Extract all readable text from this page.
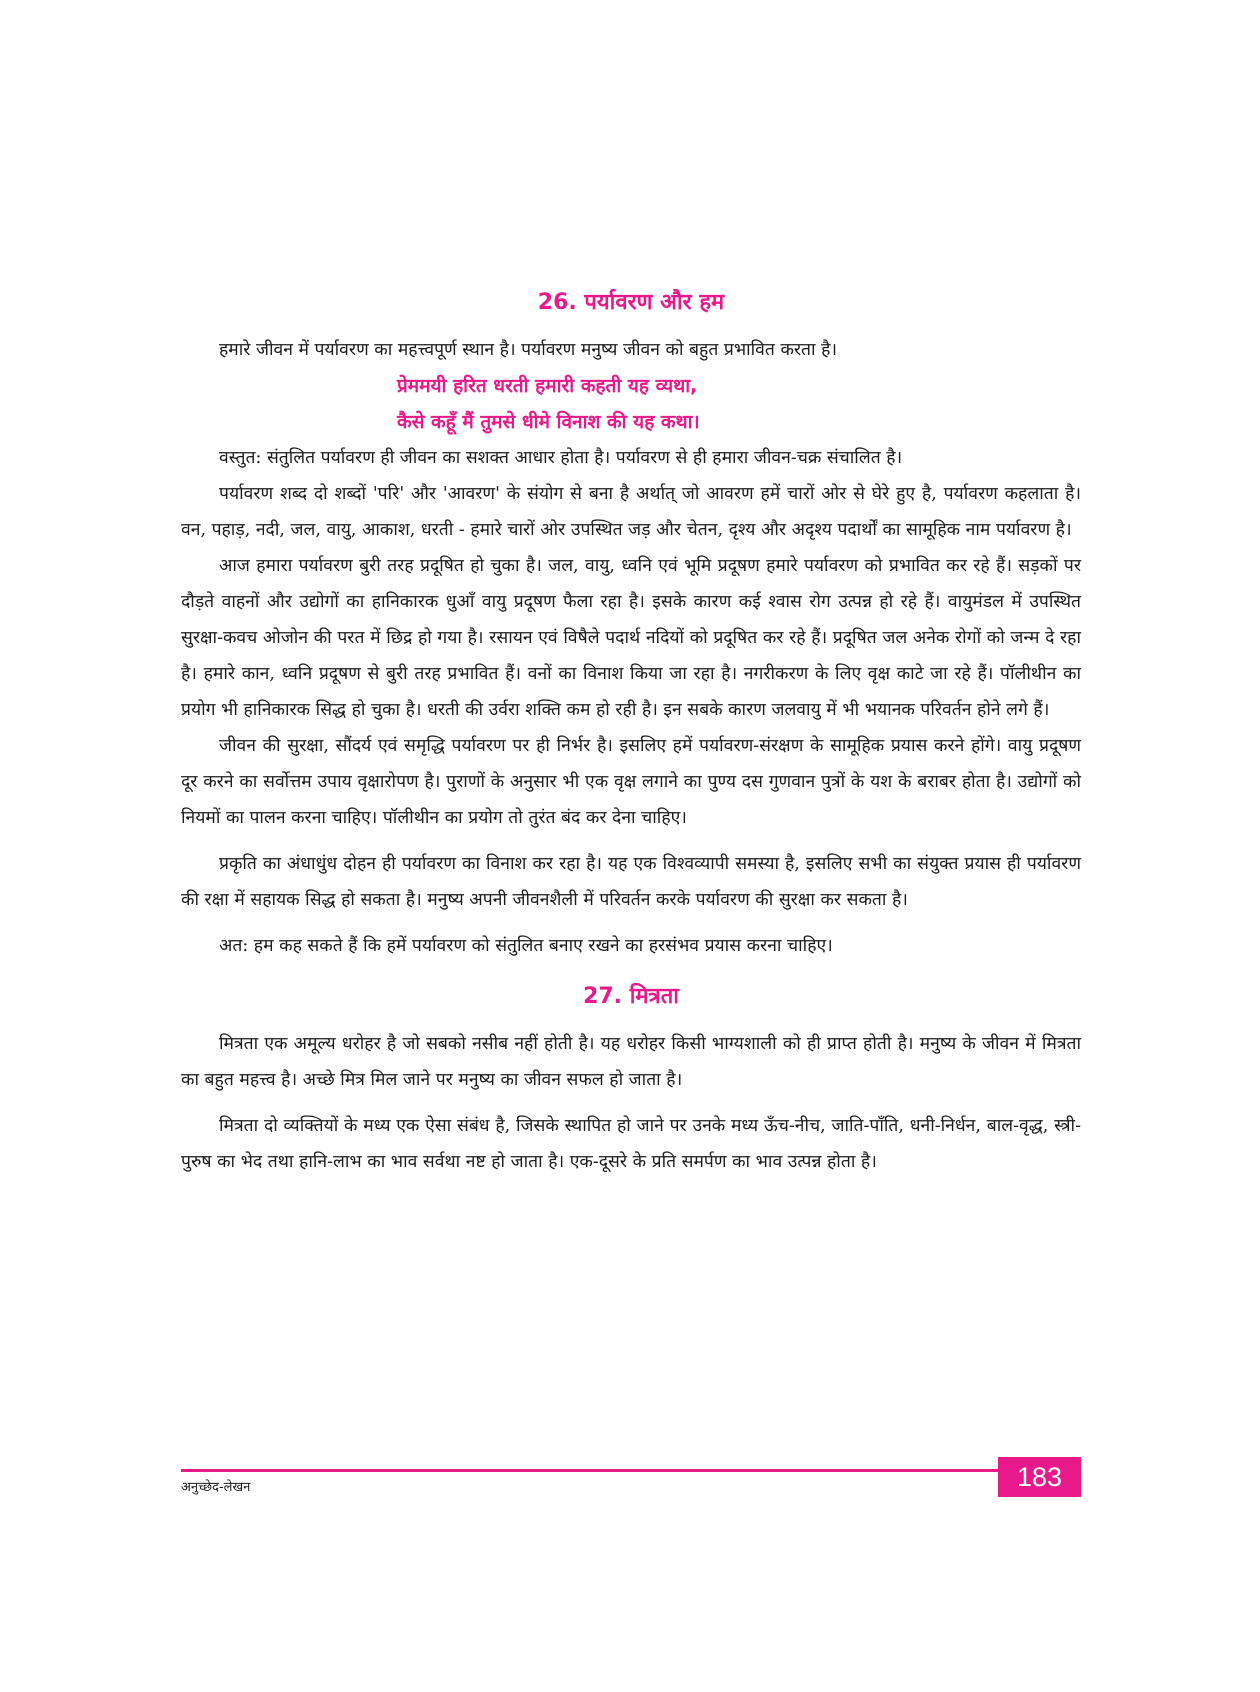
26. पर्यावरण और हम

हमारे जीवन में पर्यावरण का महत्त्वपूर्ण स्थान है। पर्यावरण मनुष्य जीवन को बहुत प्रभावित करता है।

प्रेममयी हरित धरती हमारी कहती यह व्यथा,

कैसे कहूँ मैं तुमसे धीमे विनाश की यह कथा।

वस्तुत: संतुलित पर्यावरण ही जीवन का सशक्त आधार होता है। पर्यावरण से ही हमारा जीवन-चक्र संचालित है।

पर्यावरण शब्द दो शब्दों 'परि' और 'आवरण' के संयोग से बना है अर्थात् जो आवरण हमें चारों ओर से घेरे हुए है, पर्यावरण कहलाता है। वन, पहाड़, नदी, जल, वायु, आकाश, धरती - हमारे चारों ओर उपस्थित जड़ और चेतन, दृश्य और अदृश्य पदार्थों का सामूहिक नाम पर्यावरण है।

आज हमारा पर्यावरण बुरी तरह प्रदूषित हो चुका है। जल, वायु, ध्वनि एवं भूमि प्रदूषण हमारे पर्यावरण को प्रभावित कर रहे हैं। सड़कों पर दौड़ते वाहनों और उद्योगों का हानिकारक धुआँ वायु प्रदूषण फैला रहा है। इसके कारण कई श्वास रोग उत्पन्न हो रहे हैं। वायुमंडल में उपस्थित सुरक्षा-कवच ओजोन की परत में छिद्र हो गया है। रसायन एवं विषैले पदार्थ नदियों को प्रदूषित कर रहे हैं। प्रदूषित जल अनेक रोगों को जन्म दे रहा है। हमारे कान, ध्वनि प्रदूषण से बुरी तरह प्रभावित हैं। वनों का विनाश किया जा रहा है। नगरीकरण के लिए वृक्ष काटे जा रहे हैं। पॉलीथीन का प्रयोग भी हानिकारक सिद्ध हो चुका है। धरती की उर्वरा शक्ति कम हो रही है। इन सबके कारण जलवायु में भी भयानक परिवर्तन होने लगे हैं।

जीवन की सुरक्षा, सौंदर्य एवं समृद्धि पर्यावरण पर ही निर्भर है। इसलिए हमें पर्यावरण-संरक्षण के सामूहिक प्रयास करने होंगे। वायु प्रदूषण दूर करने का सर्वोत्तम उपाय वृक्षारोपण है। पुराणों के अनुसार भी एक वृक्ष लगाने का पुण्य दस गुणवान पुत्रों के यश के बराबर होता है। उद्योगों को नियमों का पालन करना चाहिए। पॉलीथीन का प्रयोग तो तुरंत बंद कर देना चाहिए।

प्रकृति का अंधाधुंध दोहन ही पर्यावरण का विनाश कर रहा है। यह एक विश्वव्यापी समस्या है, इसलिए सभी का संयुक्त प्रयास ही पर्यावरण की रक्षा में सहायक सिद्ध हो सकता है। मनुष्य अपनी जीवनशैली में परिवर्तन करके पर्यावरण की सुरक्षा कर सकता है।

अत: हम कह सकते हैं कि हमें पर्यावरण को संतुलित बनाए रखने का हरसंभव प्रयास करना चाहिए।

27. मित्रता

मित्रता एक अमूल्य धरोहर है जो सबको नसीब नहीं होती है। यह धरोहर किसी भाग्यशाली को ही प्राप्त होती है। मनुष्य के जीवन में मित्रता का बहुत महत्त्व है। अच्छे मित्र मिल जाने पर मनुष्य का जीवन सफल हो जाता है।

मित्रता दो व्यक्तियों के मध्य एक ऐसा संबंध है, जिसके स्थापित हो जाने पर उनके मध्य ऊँच-नीच, जाति-पाँति, धनी-निर्धन, बाल-वृद्ध, स्त्री-पुरुष का भेद तथा हानि-लाभ का भाव सर्वथा नष्ट हो जाता है। एक-दूसरे के प्रति समर्पण का भाव उत्पन्न होता है।

अनुच्छेद-लेखन	183
